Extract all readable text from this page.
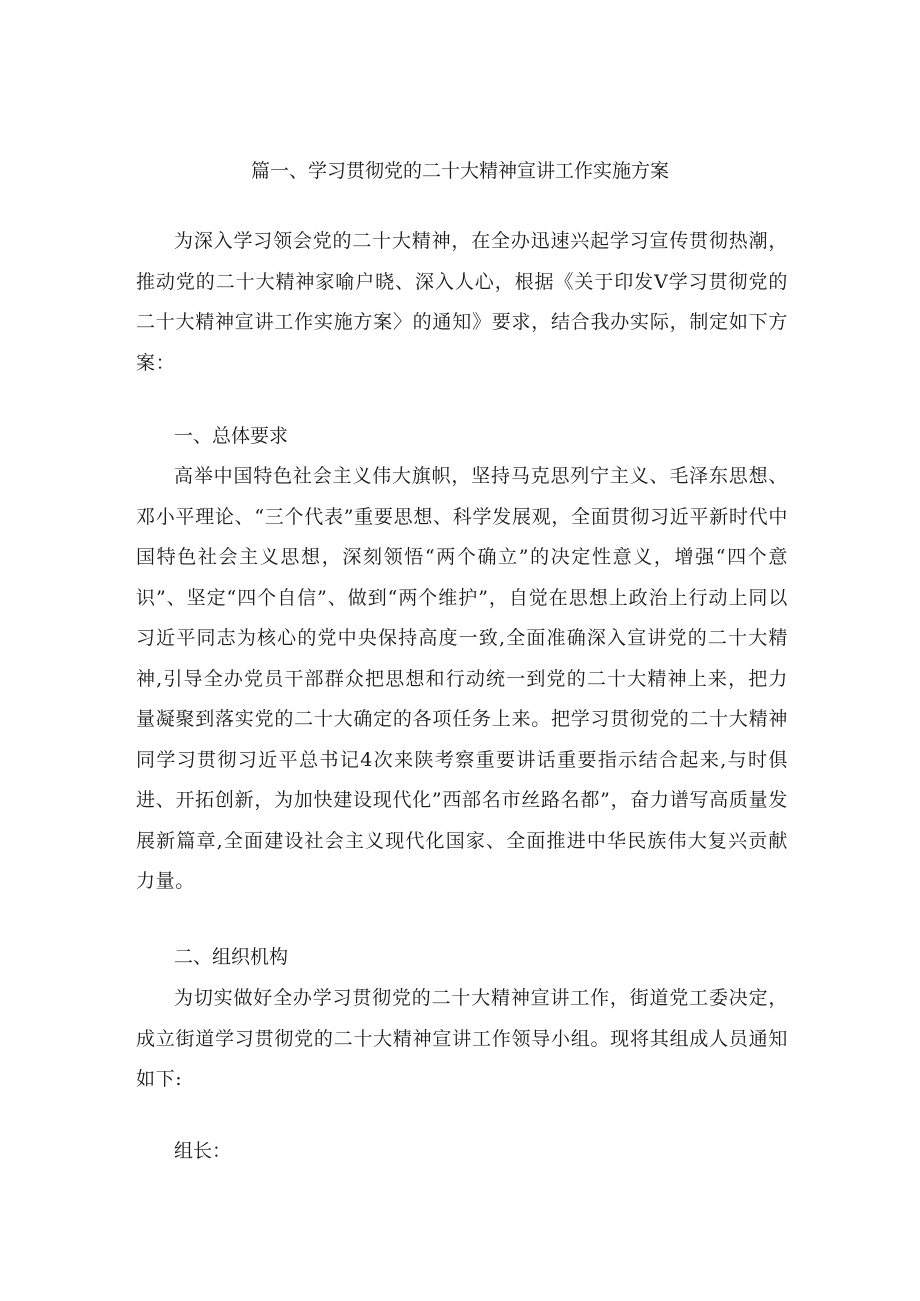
篇一、学习贯彻党的二十大精神宣讲工作实施方案

为深入学习领会党的二十大精神，在全办迅速兴起学习宣传贯彻热潮，推动党的二十大精神家喻户晓、深入人心，根据《关于印发V学习贯彻党的二十大精神宣讲工作实施方案〉的通知》要求，结合我办实际，制定如下方案：

一、总体要求

高举中国特色社会主义伟大旗帜，坚持马克思列宁主义、毛泽东思想、邓小平理论、“三个代表”重要思想、科学发展观，全面贯彻习近平新时代中国特色社会主义思想，深刻领悟“两个确立”的决定性意义，增强“四个意识”、坚定“四个自信”、做到“两个维护”，自觉在思想上政治上行动上同以习近平同志为核心的党中央保持高度一致,全面准确深入宣讲党的二十大精神,引导全办党员干部群众把思想和行动统一到党的二十大精神上来，把力量凝聚到落实党的二十大确定的各项任务上来。把学习贯彻党的二十大精神同学习贯彻习近平总书记4次来陕考察重要讲话重要指示结合起来,与时俱进、开拓创新，为加快建设现代化”西部名市丝路名都”，奋力谱写高质量发展新篇章,全面建设社会主义现代化国家、全面推进中华民族伟大复兴贡献力量。

二、组织机构

为切实做好全办学习贯彻党的二十大精神宣讲工作，街道党工委决定，成立街道学习贯彻党的二十大精神宣讲工作领导小组。现将其组成人员通知如下:

组长：
